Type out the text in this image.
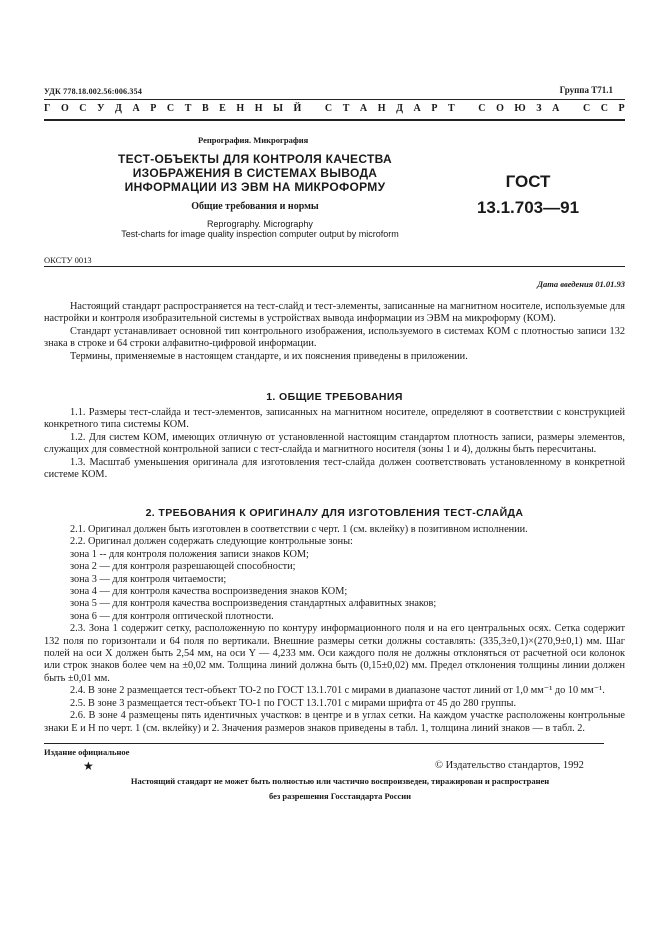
УДК 778.18.002.56:006.354	Группа Т71.1
Г О С У Д А Р С Т В Е Н Н Ы Й
С Т А Н Д А Р Т
С О Ю З А
С С Р
Репрография. Микрография
ТЕСТ-ОБЪЕКТЫ ДЛЯ КОНТРОЛЯ КАЧЕСТВА
ИЗОБРАЖЕНИЯ В СИСТЕМАХ ВЫВОДА
ИНФОРМАЦИИ ИЗ ЭВМ НА МИКРОФОРМУ
Общие требования и нормы
Reprography. Micrography
Test-charts for image quality inspection computer output by microform
ГОСТ
13.1.703—91
ОКСТУ 0013
Дата введения 01.01.93

Настоящий стандарт распространяется на тест-слайд и тест-элементы, записанные на магнитном носителе, используемые для настройки и контроля изобразительной системы в устройствах вывода информации из ЭВМ на микроформу (КОМ).

Стандарт устанавливает основной тип контрольного изображения, используемого в системах КОМ с плотностью записи 132 знака в строке и 64 строки алфавитно-цифровой информации.

Термины, применяемые в настоящем стандарте, и их пояснения приведены в приложении.

1. ОБЩИЕ ТРЕБОВАНИЯ

1.1. Размеры тест-слайда и тест-элементов, записанных на магнитном носителе, определяют в соответствии с конструкцией конкретного типа системы КОМ.

1.2. Для систем КОМ, имеющих отличную от установленной настоящим стандартом плотность записи, размеры элементов, служащих для совместной контрольной записи с тест-слайда и магнитного носителя (зоны 1 и 4), должны быть пересчитаны.

1.3. Масштаб уменьшения оригинала для изготовления тест-слайда должен соответствовать установленному в конкретной системе КОМ.

2. ТРЕБОВАНИЯ К ОРИГИНАЛУ ДЛЯ ИЗГОТОВЛЕНИЯ ТЕСТ-СЛАЙДА

2.1. Оригинал должен быть изготовлен в соответствии с черт. 1 (см. вклейку) в позитивном исполнении.

2.2. Оригинал должен содержать следующие контрольные зоны:

зона 1 -- для контроля положения записи знаков КОМ;

зона 2 — для контроля разрешающей способности;

зона 3 — для контроля читаемости;

зона 4 — для контроля качества воспроизведения знаков КОМ;

зона 5 — для контроля качества воспроизведения стандартных алфавитных знаков;

зона 6 — для контроля оптической плотности.

2.3. Зона 1 содержит сетку, расположенную по контуру информационного поля и на его центральных осях. Сетка содержит 132 поля по горизонтали и 64 поля по вертикали. Внешние размеры сетки должны составлять: (335,3±0,1)×(270,9±0,1) мм. Шаг полей на оси X должен быть 2,54 мм, на оси Y — 4,233 мм. Оси каждого поля не должны отклоняться от расчетной оси колонок или строк знаков более чем на ±0,02 мм. Толщина линий должна быть (0,15±0,02) мм. Предел отклонения толщины линии должен быть ±0,01 мм.

2.4. В зоне 2 размещается тест-объект ТО-2 по ГОСТ 13.1.701 с мирами в диапазоне частот линий от 1,0 мм⁻¹ до 10 мм⁻¹.

2.5. В зоне 3 размещается тест-объект ТО-1 по ГОСТ 13.1.701 с мирами шрифта от 45 до 280 группы.

2.6. В зоне 4 размещены пять идентичных участков: в центре и в углах сетки. На каждом участке расположены контрольные знаки Е и Н по черт. 1 (см. вклейку) и 2. Значения размеров знаков приведены в табл. 1, толщина линий знаков — в табл. 2.

Издание официальное
★	© Издательство стандартов, 1992
Настоящий стандарт не может быть полностью или частично воспроизведен, тиражирован и распространен
без разрешения Госстандарта России
